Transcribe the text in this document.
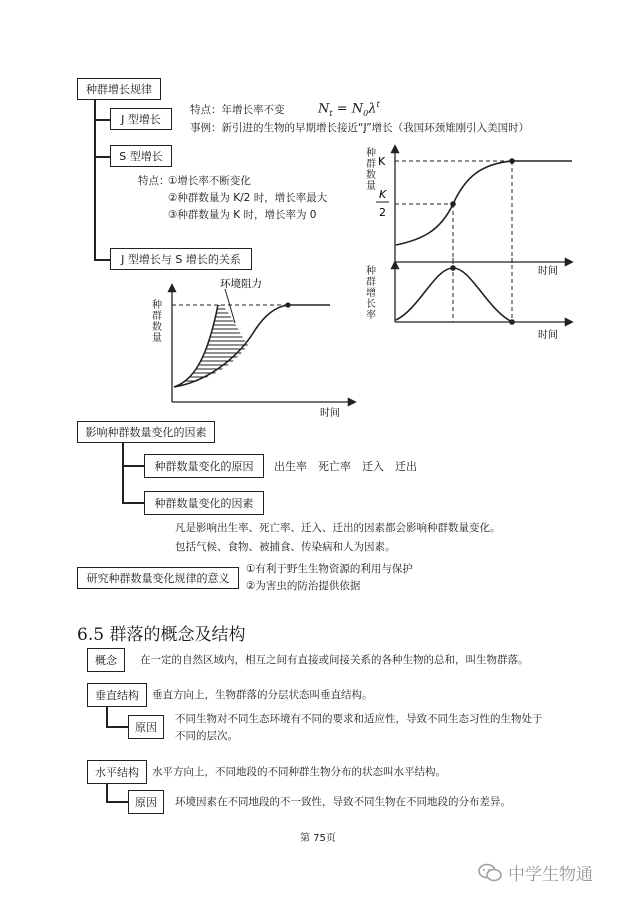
种群增长规律
J 型增长
特点：年增长率不变	$N_t = N_0\lambda^t$
事例：新引进的生物的早期增长接近“J”增长（我国环颈雉刚引入美国时）
S 型增长
特点：
①增长率不断变化
②种群数量为 K/2 时，增长率最大
③种群数量为 K 时，增长率为 0
J 型增长与 S 增长的关系
K
K
2
时间
种群数量
时间
种群增长率
环境阻力
时间
种群数量
影响种群数量变化的因素
种群数量变化的原因	出生率　死亡率　迁入　迁出
种群数量变化的因素
凡是影响出生率、死亡率、迁入、迁出的因素都会影响种群数量变化。
包括气候、食物、被捕食、传染病和人为因素。
研究种群数量变化规律的意义
①有利于野生生物资源的利用与保护
②为害虫的防治提供依据
6.5 群落的概念及结构
概念	在一定的自然区域内，相互之间有直接或间接关系的各种生物的总和，叫生物群落。
垂直结构	垂直方向上，生物群落的分层状态叫垂直结构。
原因
不同生物对不同生态环境有不同的要求和适应性，导致不同生态习性的生物处于
不同的层次。
水平结构	水平方向上，不同地段的不同种群生物分布的状态叫水平结构。
原因	环境因素在不同地段的不一致性，导致不同生物在不同地段的分布差异。
第 75页
中学生物通
